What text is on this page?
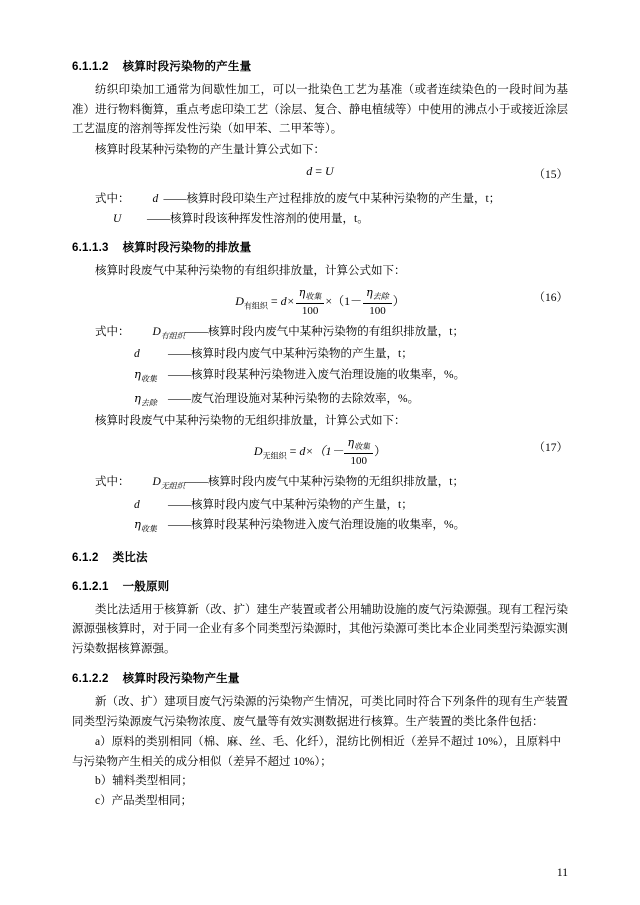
6.1.1.2 核算时段污染物的产生量

纺织印染加工通常为间歇性加工，可以一批染色工艺为基准（或者连续染色的一段时间为基准）进行物料衡算，重点考虑印染工艺（涂层、复合、静电植绒等）中使用的沸点小于或接近涂层工艺温度的溶剂等挥发性污染（如甲苯、二甲苯等）。

核算时段某种污染物的产生量计算公式如下：

d = U	（15）
式中： d ——核算时段印染生产过程排放的废气中某种污染物的产生量，t；
U ——核算时段该种挥发性溶剂的使用量，t。
6.1.1.3 核算时段污染物的排放量

核算时段废气中某种污染物的有组织排放量，计算公式如下：

$D_{有组织} = d\times \frac{\eta_{收集}}{100} \times(1- \frac{\eta_{去除}}{100}$ ）	（16）
式中： $D_{有组织}——$核算时段内废气中某种污染物的有组织排放量，t；
d ——核算时段内废气中某种污染物的产生量，t；
$\eta_{收集}$ ——核算时段某种污染物进入废气治理设施的收集率，%。
$\eta_{去除}$ ——废气治理设施对某种污染物的去除效率，%。

核算时段废气中某种污染物的无组织排放量，计算公式如下：

$D_{无组织} = d\times(1- \frac{\eta_{收集}}{100}$ ）	（17）
式中： $D_{无组织}——$核算时段内废气中某种污染物的无组织排放量，t；
d ——核算时段内废气中某种污染物的产生量，t；
$\eta_{收集}$ ——核算时段某种污染物进入废气治理设施的收集率，%。
6.1.2 类比法
6.1.2.1 一般原则

类比法适用于核算新（改、扩）建生产装置或者公用辅助设施的废气污染源强。现有工程污染源源强核算时，对于同一企业有多个同类型污染源时，其他污染源可类比本企业同类型污染源实测污染数据核算源强。

6.1.2.2 核算时段污染物产生量

新（改、扩）建项目废气污染源的污染物产生情况，可类比同时符合下列条件的现有生产装置同类型污染源废气污染物浓度、废气量等有效实测数据进行核算。生产装置的类比条件包括：

a）原料的类别相同（棉、麻、丝、毛、化纤），混纺比例相近（差异不超过 10%），且原料中与污染物产生相关的成分相似（差异不超过 10%）；

b）辅料类型相同；

c）产品类型相同；

11
